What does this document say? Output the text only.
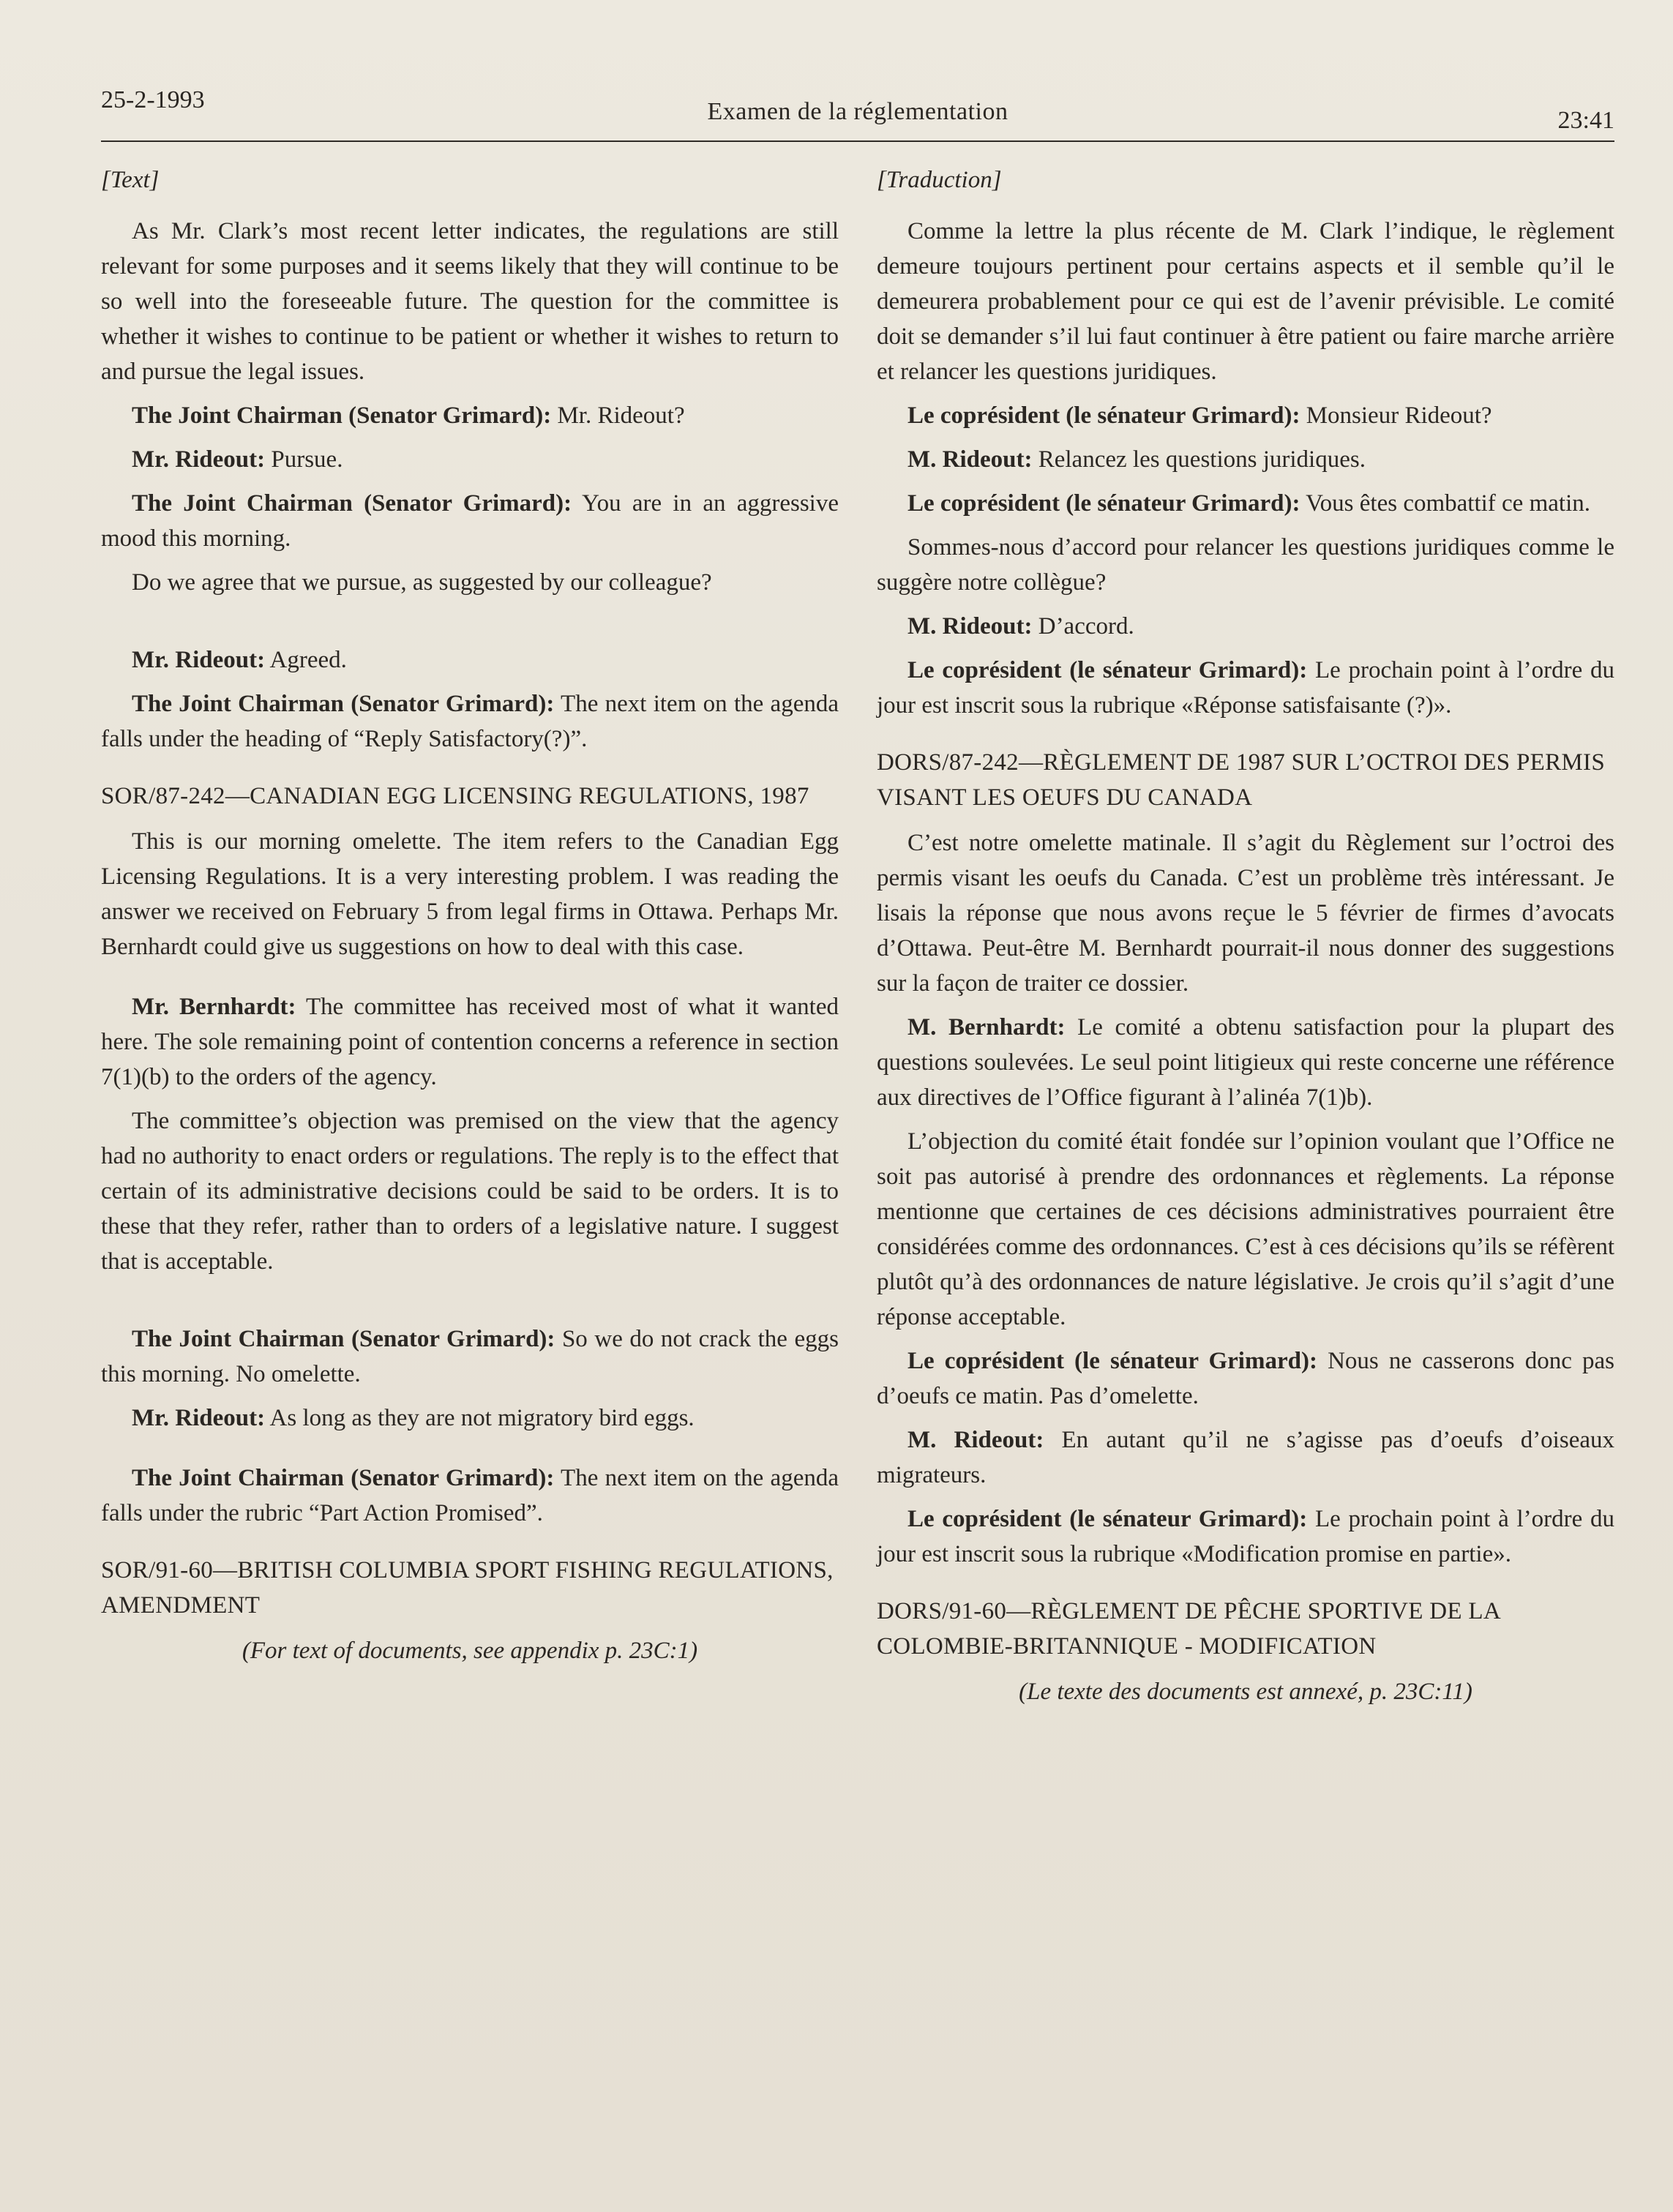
25-2-1993	Examen de la réglementation	23:41

[Text]

As Mr. Clark’s most recent letter indicates, the regulations are still relevant for some purposes and it seems likely that they will continue to be so well into the foreseeable future. The question for the committee is whether it wishes to continue to be patient or whether it wishes to return to and pursue the legal issues.

The Joint Chairman (Senator Grimard): Mr. Rideout?

Mr. Rideout: Pursue.

The Joint Chairman (Senator Grimard): You are in an aggressive mood this morning.

Do we agree that we pursue, as suggested by our colleague?

Mr. Rideout: Agreed.

The Joint Chairman (Senator Grimard): The next item on the agenda falls under the heading of “Reply Satisfactory(?)”.

SOR/87-242—CANADIAN EGG LICENSING REGULATIONS, 1987

This is our morning omelette. The item refers to the Canadian Egg Licensing Regulations. It is a very interesting problem. I was reading the answer we received on February 5 from legal firms in Ottawa. Perhaps Mr. Bernhardt could give us suggestions on how to deal with this case.

Mr. Bernhardt: The committee has received most of what it wanted here. The sole remaining point of contention concerns a reference in section 7(1)(b) to the orders of the agency.

The committee’s objection was premised on the view that the agency had no authority to enact orders or regulations. The reply is to the effect that certain of its administrative decisions could be said to be orders. It is to these that they refer, rather than to orders of a legislative nature. I suggest that is acceptable.

The Joint Chairman (Senator Grimard): So we do not crack the eggs this morning. No omelette.

Mr. Rideout: As long as they are not migratory bird eggs.

The Joint Chairman (Senator Grimard): The next item on the agenda falls under the rubric “Part Action Promised”.

SOR/91-60—BRITISH COLUMBIA SPORT FISHING REGULATIONS, AMENDMENT

(For text of documents, see appendix p. 23C:1)

[Traduction]

Comme la lettre la plus récente de M. Clark l’indique, le règlement demeure toujours pertinent pour certains aspects et il semble qu’il le demeurera probablement pour ce qui est de l’avenir prévisible. Le comité doit se demander s’il lui faut continuer à être patient ou faire marche arrière et relancer les questions juridiques.

Le coprésident (le sénateur Grimard): Monsieur Rideout?

M. Rideout: Relancez les questions juridiques.

Le coprésident (le sénateur Grimard): Vous êtes combattif ce matin.

Sommes-nous d’accord pour relancer les questions juridiques comme le suggère notre collègue?

M. Rideout: D’accord.

Le coprésident (le sénateur Grimard): Le prochain point à l’ordre du jour est inscrit sous la rubrique «Réponse satisfaisante (?)».

DORS/87-242—RÈGLEMENT DE 1987 SUR L’OCTROI DES PERMIS VISANT LES OEUFS DU CANADA

C’est notre omelette matinale. Il s’agit du Règlement sur l’octroi des permis visant les oeufs du Canada. C’est un problème très intéressant. Je lisais la réponse que nous avons reçue le 5 février de firmes d’avocats d’Ottawa. Peut-être M. Bernhardt pourrait-il nous donner des suggestions sur la façon de traiter ce dossier.

M. Bernhardt: Le comité a obtenu satisfaction pour la plupart des questions soulevées. Le seul point litigieux qui reste concerne une référence aux directives de l’Office figurant à l’alinéa 7(1)b).

L’objection du comité était fondée sur l’opinion voulant que l’Office ne soit pas autorisé à prendre des ordonnances et règlements. La réponse mentionne que certaines de ces décisions administratives pourraient être considérées comme des ordonnances. C’est à ces décisions qu’ils se réfèrent plutôt qu’à des ordonnances de nature législative. Je crois qu’il s’agit d’une réponse acceptable.

Le coprésident (le sénateur Grimard): Nous ne casserons donc pas d’oeufs ce matin. Pas d’omelette.

M. Rideout: En autant qu’il ne s’agisse pas d’oeufs d’oiseaux migrateurs.

Le coprésident (le sénateur Grimard): Le prochain point à l’ordre du jour est inscrit sous la rubrique «Modification promise en partie».

DORS/91-60—RÈGLEMENT DE PÊCHE SPORTIVE DE LA COLOMBIE-BRITANNIQUE - MODIFICATION

(Le texte des documents est annexé, p. 23C:11)
